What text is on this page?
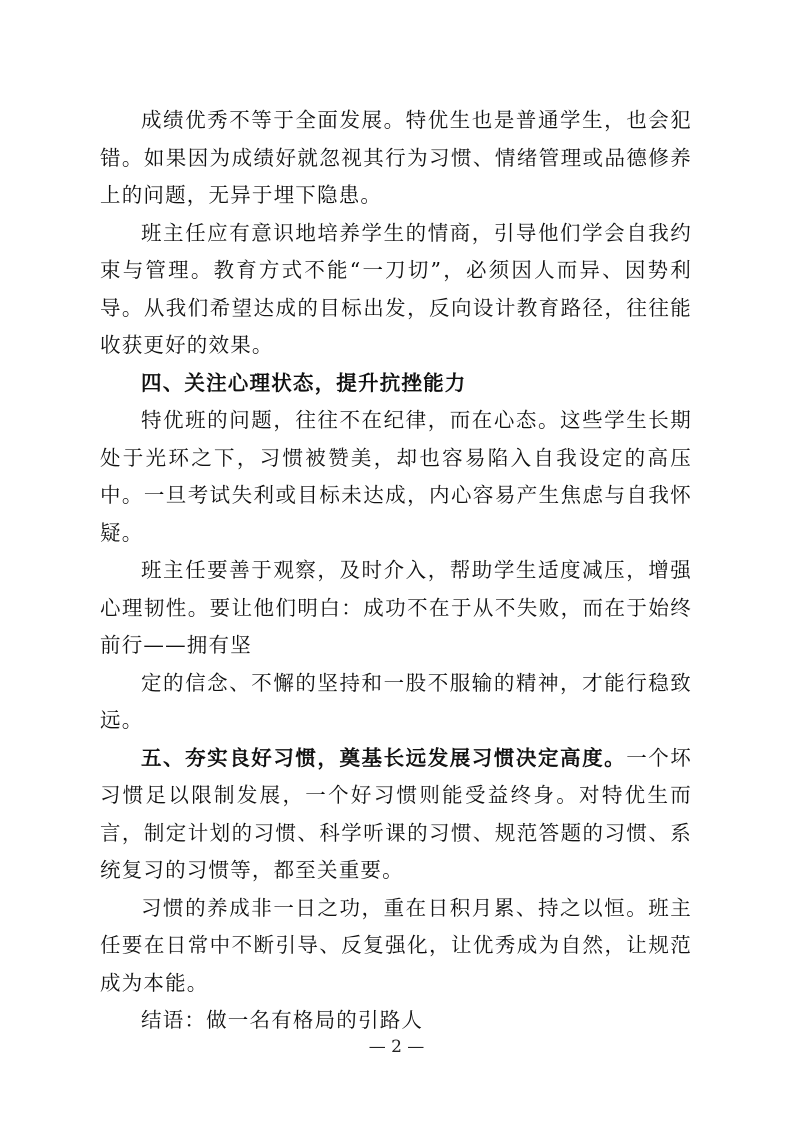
成绩优秀不等于全面发展。特优生也是普通学生，也会犯错。如果因为成绩好就忽视其行为习惯、情绪管理或品德修养上的问题，无异于埋下隐患。

班主任应有意识地培养学生的情商，引导他们学会自我约束与管理。教育方式不能“一刀切”，必须因人而异、因势利导。从我们希望达成的目标出发，反向设计教育路径，往往能收获更好的效果。

四、关注心理状态，提升抗挫能力

特优班的问题，往往不在纪律，而在心态。这些学生长期处于光环之下，习惯被赞美，却也容易陷入自我设定的高压中。一旦考试失利或目标未达成，内心容易产生焦虑与自我怀疑。

班主任要善于观察，及时介入，帮助学生适度减压，增强心理韧性。要让他们明白：成功不在于从不失败，而在于始终前行——拥有坚

定的信念、不懈的坚持和一股不服输的精神，才能行稳致远。

五、夯实良好习惯，奠基长远发展习惯决定高度。一个坏习惯足以限制发展，一个好习惯则能受益终身。对特优生而言，制定计划的习惯、科学听课的习惯、规范答题的习惯、系统复习的习惯等，都至关重要。

习惯的养成非一日之功，重在日积月累、持之以恒。班主任要在日常中不断引导、反复强化，让优秀成为自然，让规范成为本能。

结语：做一名有格局的引路人

— 2 —
